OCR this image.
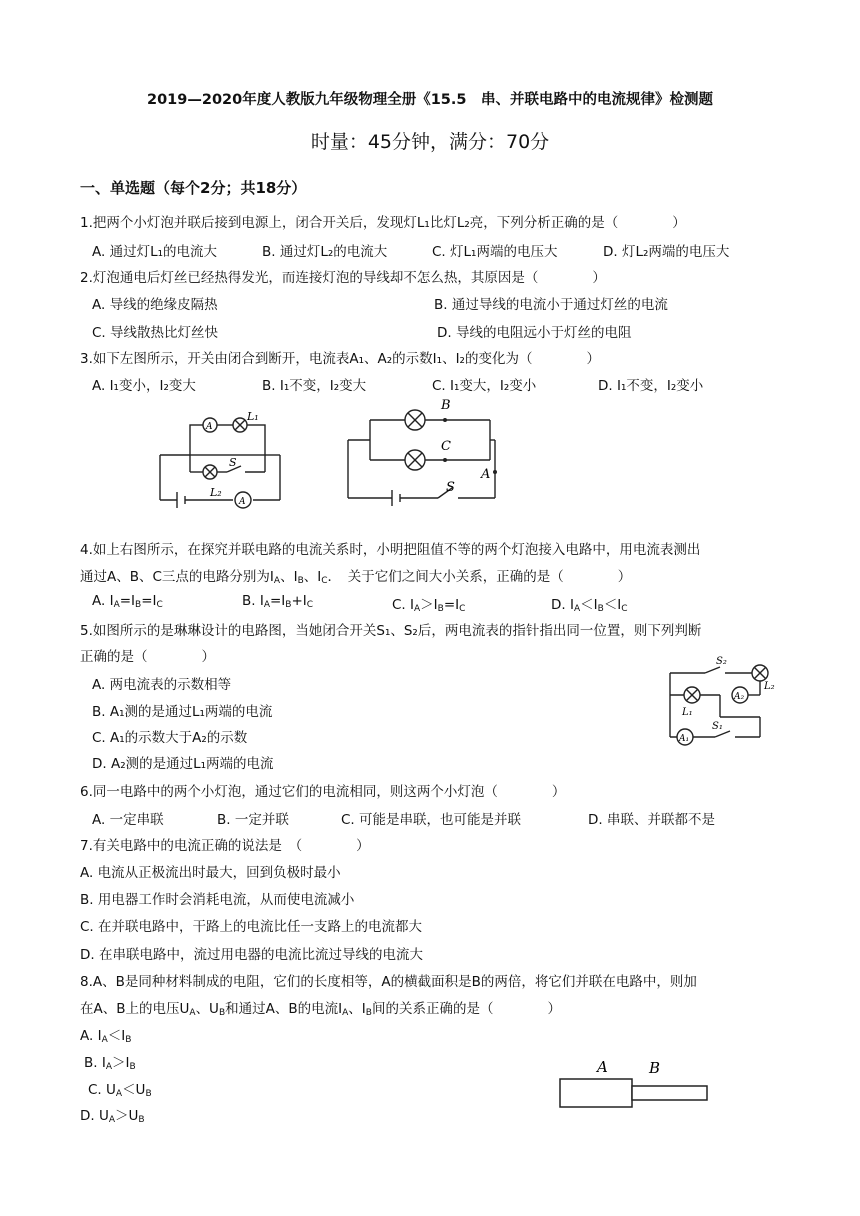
2019—2020年度人教版九年级物理全册《15.5　串、并联电路中的电流规律》检测题
时量：45分钟，满分：70分
一、单选题（每个2分；共18分）
1.把两个小灯泡并联后接到电源上，闭合开关后，发现灯L₁比灯L₂亮，下列分析正确的是（　　　　）
A. 通过灯L₁的电流大	B. 通过灯L₂的电流大	C. 灯L₁两端的电压大	D. 灯L₂两端的电压大
2.灯泡通电后灯丝已经热得发光，而连接灯泡的导线却不怎么热，其原因是（　　　　）
A. 导线的绝缘皮隔热	B. 通过导线的电流小于通过灯丝的电流
C. 导线散热比灯丝快	D. 导线的电阻远小于灯丝的电阻
3.如下左图所示，开关由闭合到断开，电流表A₁、A₂的示数I₁、I₂的变化为（　　　　）
A. I₁变小，I₂变大	B. I₁不变，I₂变大	C. I₁变大，I₂变小	D. I₁不变，I₂变小
A
L₁
S
L₂
A
B
C
A
S
4.如上右图所示，在探究并联电路的电流关系时，小明把阻值不等的两个灯泡接入电路中，用电流表测出
通过A、B、C三点的电路分别为$I_A$、$I_B$、$I_C$．　关于它们之间大小关系，正确的是（　　　　）
A. $I_A=I_B=I_C$	B. $I_A=I_B+I_C$	C. $I_A>I_B=I_C$	D. $I_A<I_B<I_C$
5.如图所示的是琳琳设计的电路图，当她闭合开关S₁、S₂后，两电流表的指针指出同一位置，则下列判断
正确的是（　　　　）
A. 两电流表的示数相等
B. A₁测的是通过L₁两端的电流
C. A₁的示数大于A₂的示数
D. A₂测的是通过L₁两端的电流
S₂
L₂
A₂
L₁
A₁
S₁
6.同一电路中的两个小灯泡，通过它们的电流相同，则这两个小灯泡（　　　　）
A. 一定串联	B. 一定并联	C. 可能是串联，也可能是并联	D. 串联、并联都不是
7.有关电路中的电流正确的说法是　（　　　　）
A. 电流从正极流出时最大，回到负极时最小
B. 用电器工作时会消耗电流，从而使电流减小
C. 在并联电路中，干路上的电流比任一支路上的电流都大
D. 在串联电路中，流过用电器的电流比流过导线的电流大
8.A、B是同种材料制成的电阻，它们的长度相等，A的横截面积是B的两倍，将它们并联在电路中，则加
在A、B上的电压$U_A$、$U_B$和通过A、B的电流$I_A$、$I_B$间的关系正确的是（　　　　）
A. $I_A<I_B$
B. $I_A>I_B$
C. $U_A<U_B$
D. $U_A>U_B$
A	B
